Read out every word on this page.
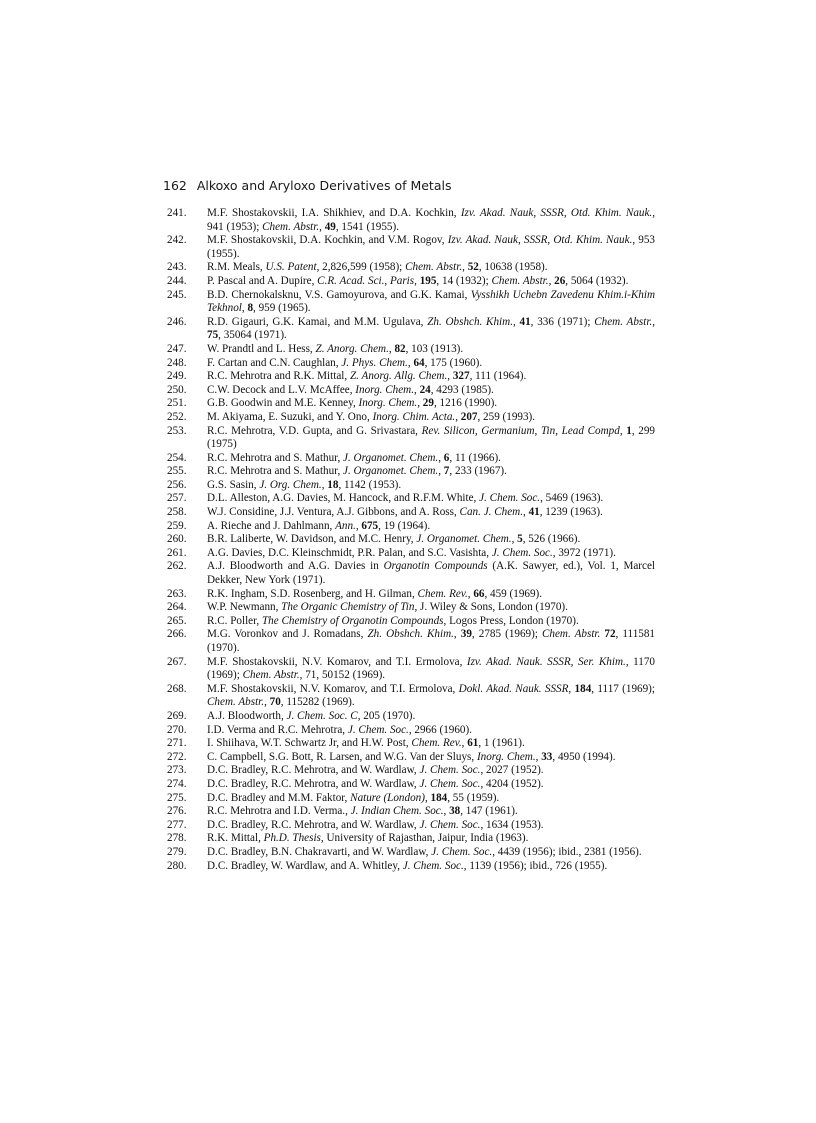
162 Alkoxo and Aryloxo Derivatives of Metals
241.	M.F. Shostakovskii, I.A. Shikhiev, and D.A. Kochkin, Izv. Akad. Nauk, SSSR, Otd. Khim. Nauk., 941 (1953); Chem. Abstr., 49, 1541 (1955).
242.	M.F. Shostakovskii, D.A. Kochkin, and V.M. Rogov, Izv. Akad. Nauk, SSSR, Otd. Khim. Nauk., 953 (1955).
243.	R.M. Meals, U.S. Patent, 2,826,599 (1958); Chem. Abstr., 52, 10638 (1958).
244.	P. Pascal and A. Dupire, C.R. Acad. Sci., Paris, 195, 14 (1932); Chem. Abstr., 26, 5064 (1932).
245.	B.D. Chernokalsknu, V.S. Gamoyurova, and G.K. Kamai, Vysshikh Uchebn Zavedenu Khim.i-Khim Tekhnol, 8, 959 (1965).
246.	R.D. Gigauri, G.K. Kamai, and M.M. Ugulava, Zh. Obshch. Khim., 41, 336 (1971); Chem. Abstr., 75, 35064 (1971).
247.	W. Prandtl and L. Hess, Z. Anorg. Chem., 82, 103 (1913).
248.	F. Cartan and C.N. Caughlan, J. Phys. Chem., 64, 175 (1960).
249.	R.C. Mehrotra and R.K. Mittal, Z. Anorg. Allg. Chem., 327, 111 (1964).
250.	C.W. Decock and L.V. McAffee, Inorg. Chem., 24, 4293 (1985).
251.	G.B. Goodwin and M.E. Kenney, Inorg. Chem., 29, 1216 (1990).
252.	M. Akiyama, E. Suzuki, and Y. Ono, Inorg. Chim. Acta., 207, 259 (1993).
253.	R.C. Mehrotra, V.D. Gupta, and G. Srivastara, Rev. Silicon, Germanium, Tin, Lead Compd, 1, 299 (1975)
254.	R.C. Mehrotra and S. Mathur, J. Organomet. Chem., 6, 11 (1966).
255.	R.C. Mehrotra and S. Mathur, J. Organomet. Chem., 7, 233 (1967).
256.	G.S. Sasin, J. Org. Chem., 18, 1142 (1953).
257.	D.L. Alleston, A.G. Davies, M. Hancock, and R.F.M. White, J. Chem. Soc., 5469 (1963).
258.	W.J. Considine, J.J. Ventura, A.J. Gibbons, and A. Ross, Can. J. Chem., 41, 1239 (1963).
259.	A. Rieche and J. Dahlmann, Ann., 675, 19 (1964).
260.	B.R. Laliberte, W. Davidson, and M.C. Henry, J. Organomet. Chem., 5, 526 (1966).
261.	A.G. Davies, D.C. Kleinschmidt, P.R. Palan, and S.C. Vasishta, J. Chem. Soc., 3972 (1971).
262.	A.J. Bloodworth and A.G. Davies in Organotin Compounds (A.K. Sawyer, ed.), Vol. 1, Marcel Dekker, New York (1971).
263.	R.K. Ingham, S.D. Rosenberg, and H. Gilman, Chem. Rev., 66, 459 (1969).
264.	W.P. Newmann, The Organic Chemistry of Tin, J. Wiley & Sons, London (1970).
265.	R.C. Poller, The Chemistry of Organotin Compounds, Logos Press, London (1970).
266.	M.G. Voronkov and J. Romadans, Zh. Obshch. Khim., 39, 2785 (1969); Chem. Abstr. 72, 111581 (1970).
267.	M.F. Shostakovskii, N.V. Komarov, and T.I. Ermolova, Izv. Akad. Nauk. SSSR, Ser. Khim., 1170 (1969); Chem. Abstr., 71, 50152 (1969).
268.	M.F. Shostakovskii, N.V. Komarov, and T.I. Ermolova, Dokl. Akad. Nauk. SSSR, 184, 1117 (1969); Chem. Abstr., 70, 115282 (1969).
269.	A.J. Bloodworth, J. Chem. Soc. C, 205 (1970).
270.	I.D. Verma and R.C. Mehrotra, J. Chem. Soc., 2966 (1960).
271.	I. Shiihava, W.T. Schwartz Jr, and H.W. Post, Chem. Rev., 61, 1 (1961).
272.	C. Campbell, S.G. Bott, R. Larsen, and W.G. Van der Sluys, Inorg. Chem., 33, 4950 (1994).
273.	D.C. Bradley, R.C. Mehrotra, and W. Wardlaw, J. Chem. Soc., 2027 (1952).
274.	D.C. Bradley, R.C. Mehrotra, and W. Wardlaw, J. Chem. Soc., 4204 (1952).
275.	D.C. Bradley and M.M. Faktor, Nature (London), 184, 55 (1959).
276.	R.C. Mehrotra and I.D. Verma., J. Indian Chem. Soc., 38, 147 (1961).
277.	D.C. Bradley, R.C. Mehrotra, and W. Wardlaw, J. Chem. Soc., 1634 (1953).
278.	R.K. Mittal, Ph.D. Thesis, University of Rajasthan, Jaipur, India (1963).
279.	D.C. Bradley, B.N. Chakravarti, and W. Wardlaw, J. Chem. Soc., 4439 (1956); ibid., 2381 (1956).
280.	D.C. Bradley, W. Wardlaw, and A. Whitley, J. Chem. Soc., 1139 (1956); ibid., 726 (1955).
